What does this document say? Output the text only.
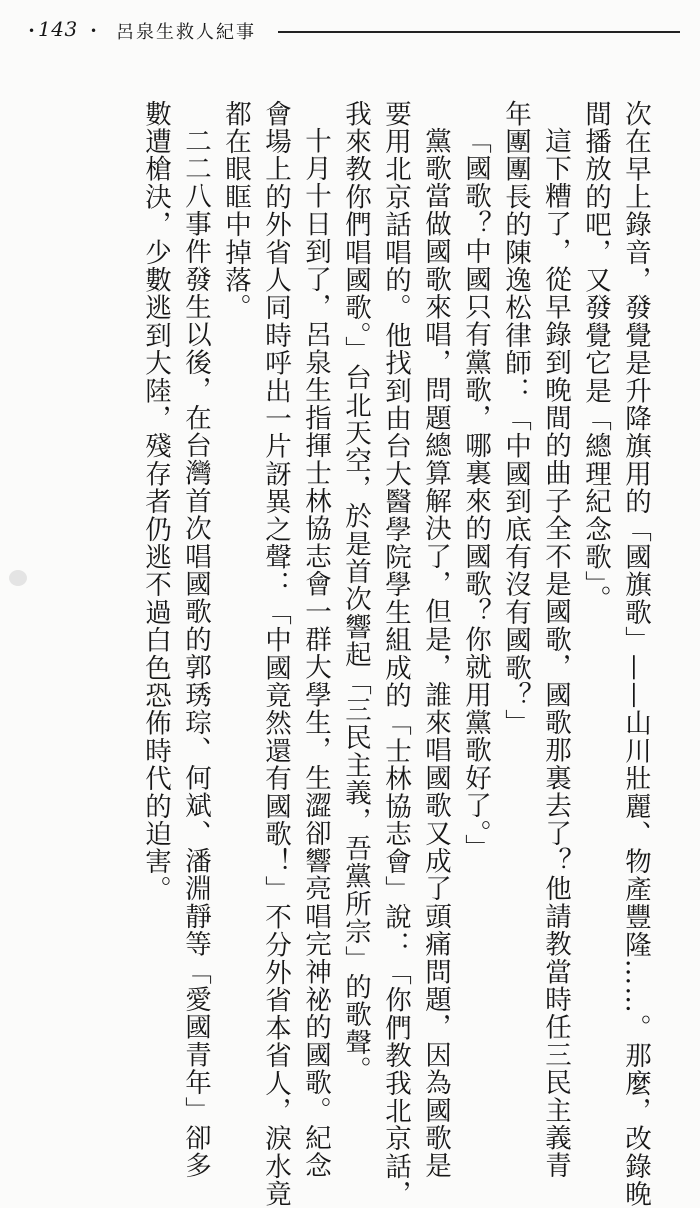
• 143 • 呂泉生救人紀事
次在早上錄音，發覺是升降旗用的「國旗歌」——山川壯麗、物產豐隆……。那麼，改錄晚
間播放的吧，又發覺它是「總理紀念歌」。
這下糟了，從早錄到晚間的曲子全不是國歌，國歌那裏去了？他請教當時任三民主義青
年團團長的陳逸松律師：「中國到底有沒有國歌？」
「國歌？中國只有黨歌，哪裏來的國歌？你就用黨歌好了。」
黨歌當做國歌來唱，問題總算解決了，但是，誰來唱國歌又成了頭痛問題，因為國歌是
要用北京話唱的。他找到由台大醫學院學生組成的「士林協志會」說：「你們教我北京話，
我來教你們唱國歌。」台北天空，於是首次響起「三民主義，吾黨所宗」的歌聲。
十月十日到了，呂泉生指揮士林協志會一群大學生，生澀卻響亮唱完神祕的國歌。紀念
會場上的外省人同時呼出一片訝異之聲：「中國竟然還有國歌！」不分外省本省人，淚水竟
都在眼眶中掉落。
二二八事件發生以後，在台灣首次唱國歌的郭琇琮、何斌、潘淵靜等「愛國青年」卻多
數遭槍決，少數逃到大陸，殘存者仍逃不過白色恐佈時代的迫害。
